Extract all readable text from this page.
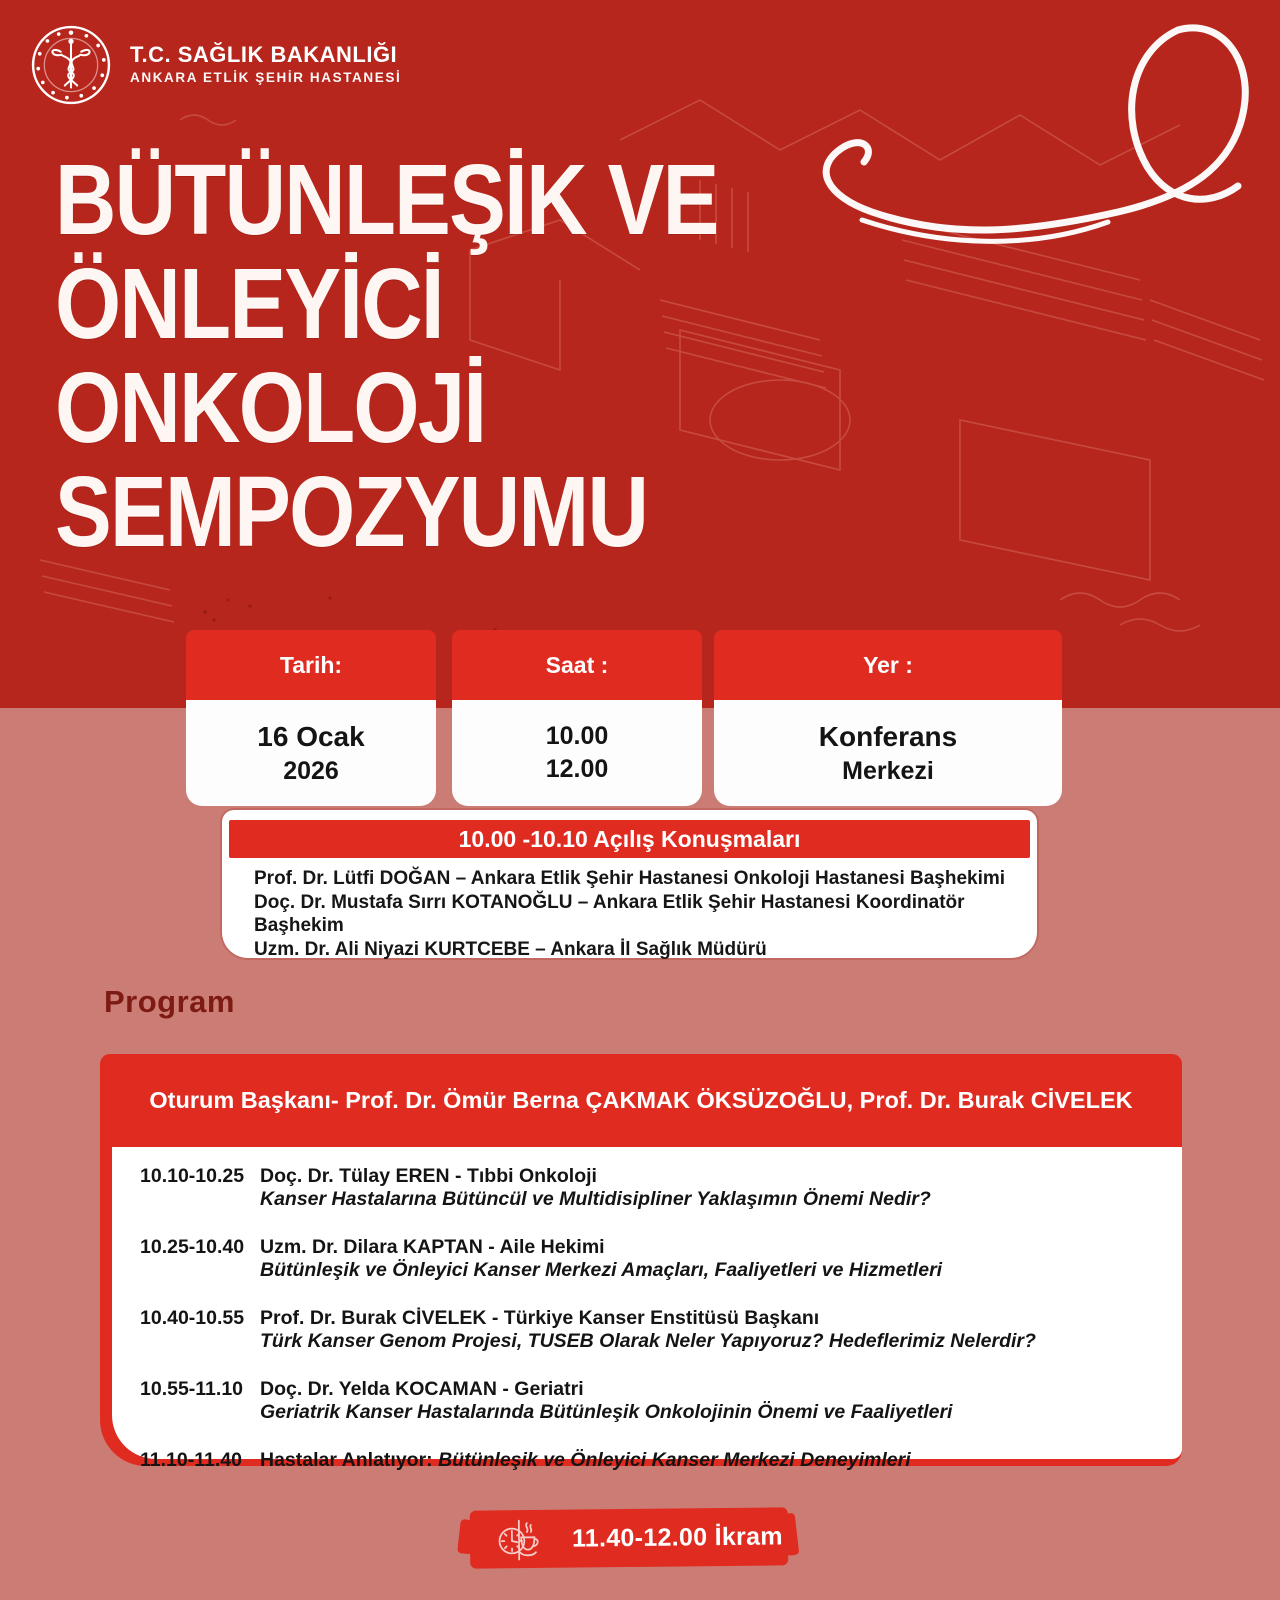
T.C. SAĞLIK BAKANLIĞI
ANKARA ETLİK ŞEHİR HASTANESİ
BÜTÜNLEŞİK VE
ÖNLEYİCİ
ONKOLOJİ
SEMPOZYUMU
Tarih:
16 Ocak
2026
Saat :
10.00
12.00
Yer :
Konferans
Merkezi
10.00 -10.10 Açılış Konuşmaları
Prof. Dr. Lütfi DOĞAN – Ankara Etlik Şehir Hastanesi Onkoloji Hastanesi Başhekimi
Doç. Dr. Mustafa Sırrı KOTANOĞLU – Ankara Etlik Şehir Hastanesi Koordinatör Başhekim
Uzm. Dr. Ali Niyazi KURTCEBE – Ankara İl Sağlık Müdürü
Program
Oturum Başkanı- Prof. Dr. Ömür Berna ÇAKMAK ÖKSÜZOĞLU, Prof. Dr. Burak CİVELEK
10.10-10.25 Doç. Dr. Tülay EREN - Tıbbi Onkoloji
Kanser Hastalarına Bütüncül ve Multidisipliner Yaklaşımın Önemi Nedir?
10.25-10.40 Uzm. Dr. Dilara KAPTAN - Aile Hekimi
Bütünleşik ve Önleyici Kanser Merkezi Amaçları, Faaliyetleri ve Hizmetleri
10.40-10.55 Prof. Dr. Burak CİVELEK - Türkiye Kanser Enstitüsü Başkanı
Türk Kanser Genom Projesi, TUSEB Olarak Neler Yapıyoruz? Hedeflerimiz Nelerdir?
10.55-11.10 Doç. Dr. Yelda KOCAMAN - Geriatri
Geriatrik Kanser Hastalarında Bütünleşik Onkolojinin Önemi ve Faaliyetleri
11.10-11.40 Hastalar Anlatıyor: Bütünleşik ve Önleyici Kanser Merkezi Deneyimleri
11.40-12.00 İkram
